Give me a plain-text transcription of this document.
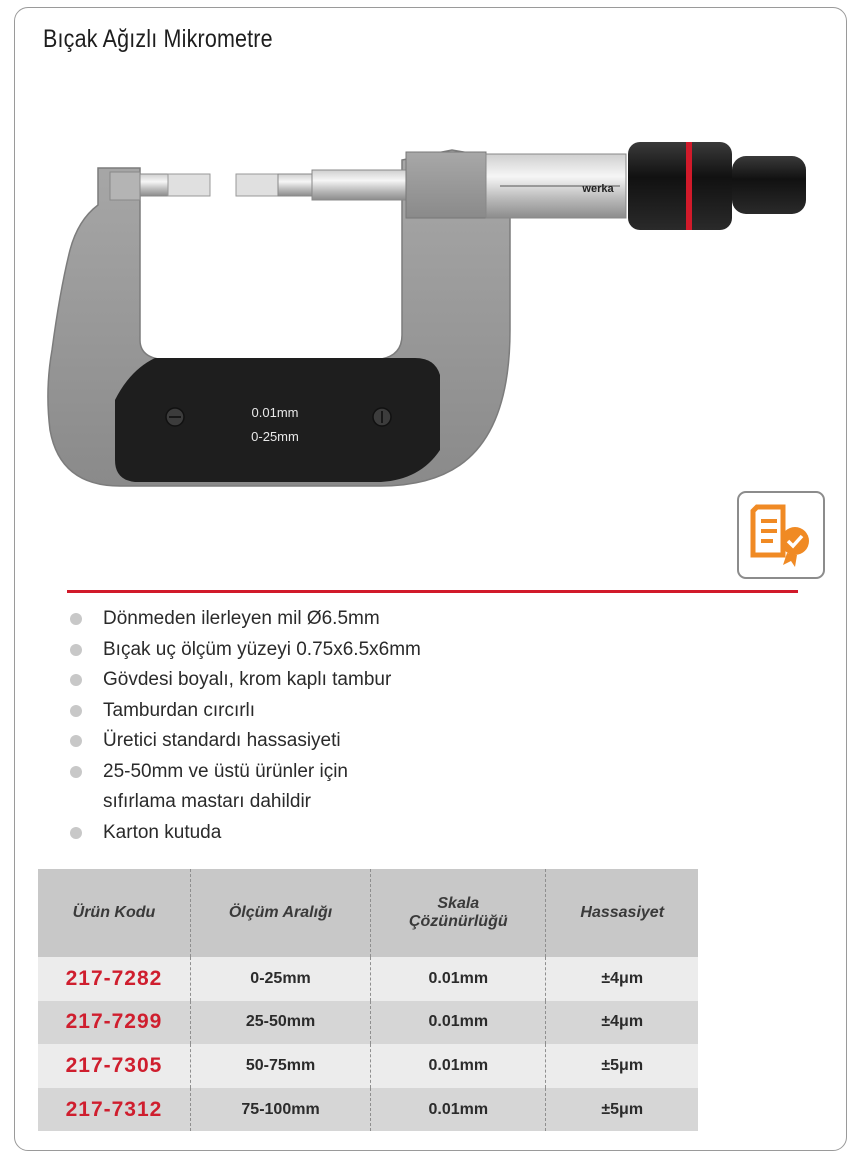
Bıçak Ağızlı Mikrometre
0.01mm
0-25mm
werka
Dönmeden ilerleyen mil Ø6.5mm
Bıçak uç ölçüm yüzeyi 0.75x6.5x6mm
Gövdesi boyalı, krom kaplı tambur
Tamburdan cırcırlı
Üretici standardı hassasiyeti
25-50mm ve üstü ürünler için
sıfırlama mastarı dahildir
Karton kutuda
Ürün Kodu	Ölçüm Aralığı	Skala
Çözünürlüğü	Hassasiyet
217-7282	0-25mm	0.01mm	±4μm
217-7299	25-50mm	0.01mm	±4μm
217-7305	50-75mm	0.01mm	±5μm
217-7312	75-100mm	0.01mm	±5μm
